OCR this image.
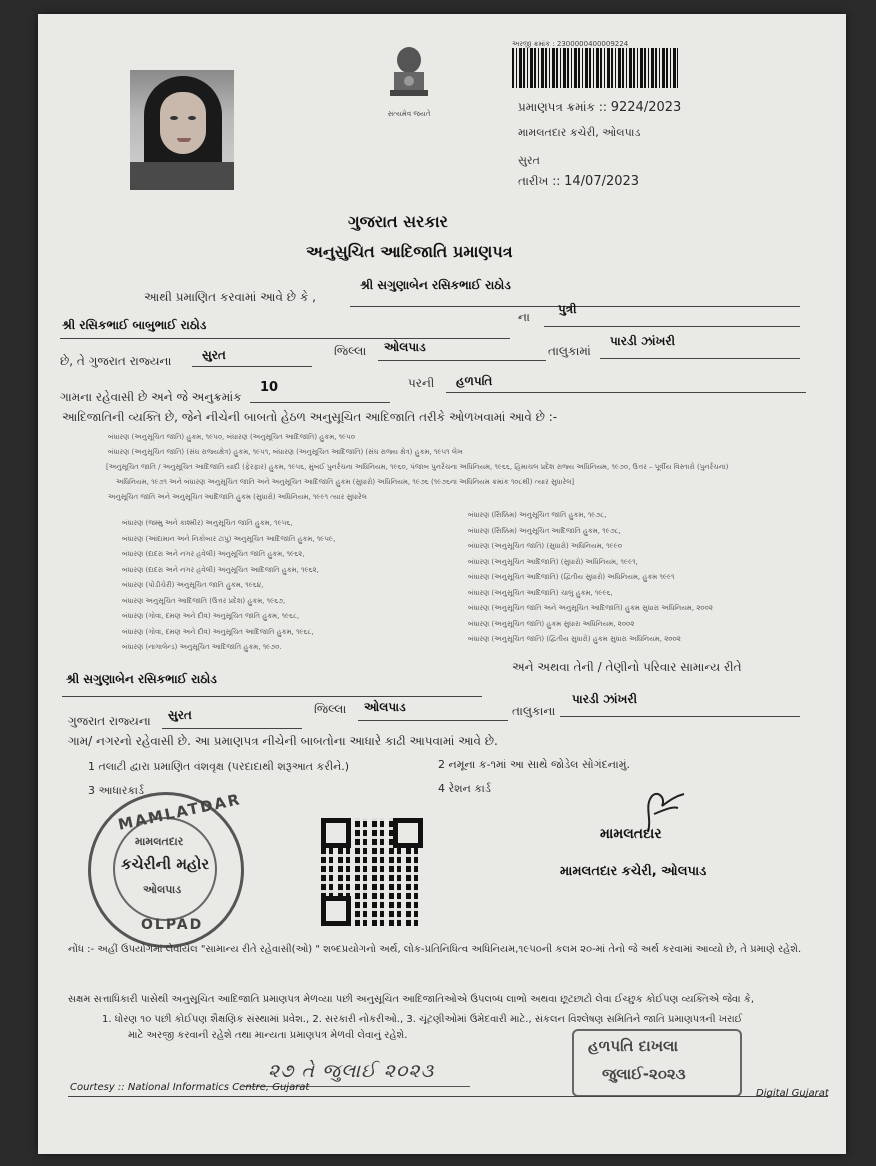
સત્યમેવ જયતે
અરજી ક્રમાંક : 2300000400009224
પ્રમાણપત્ર ક્રમાંક :: 9224/2023
મામલતદાર કચેરી, ઓલપાડ
સુરત
તારીખ :: 14/07/2023
ગુજરાત સરકાર
અનુસુચિત આદિજાતિ પ્રમાણપત્ર
આથી પ્રમાણિત કરવામાં આવે છે કે ,
શ્રી સગુણાબેન રસિકભાઈ રાઠોડ
શ્રી રસિકભાઈ બાબુભાઈ રાઠોડ
ના
પુત્રી
છે, તે ગુજરાત રાજ્યના	સુરત	જિલ્લા ઓલપાડ	તાલુકામાં
પારડી ઝાંખરી
ગામના રહેવાસી છે અને જે અનુક્રમાંક
10	પરની હળપતિ
આદિજાતિની વ્યક્તિ છે, જેને નીચેની બાબતો હેઠળ અનુસૂચિત આદિજાતિ તરીકે ઓળખવામાં આવે છે :-
બંધારણ (અનુસૂચિત જાતિ) હુકમ, ૧૯૫૦, બંધારણ (અનુસૂચિત આદિજાતિ) હુકમ, ૧૯૫૦
બંધારણ (અનુસૂચિત જાતિ) (સંઘ રાજ્યક્ષેત્ર) હુકમ, ૧૯૫૧, બંધારણ (અનુસૂચિત આદિજાતિ) (સંઘ રાજ્ય ક્ષેત્ર) હુકમ, ૧૯૫૧ લેખ
[અનુસૂચિત જાતિ / અનુસૂચિત આદિજાતિ યાદી (ફેરફાર) હુકમ, ૧૯૫૬, મુંબઈ પુનર્રચના અધિનિયમ, ૧૯૬૦, પંજાબ પુનર્રચના અધિનિયમ, ૧૯૬૬, હિમાચલ પ્રદેશ રાજ્ય અધિનિયમ, ૧૯૭૦, ઉત્તર – પૂર્વીય વિસ્તારો (પુનર્રચના)
અધિનિયમ, ૧૯૭૧ અને બંધારણ અનુસૂચિત જાતિ અને અનુસૂચિત આદિજાતિ હુકમ (સુધારો) અધિનિયમ, ૧૯૭૬ (૧૯૭૬ના અધિનિયમ ક્રમાંક ૧૦૮થી) ત્યાર સુધારેલ]
અનુસૂચિત જાતિ અને અનુસૂચિત આદિજાતિ હુકમ (સુધારો) અધિનિયમ, ૧૯૯૧ ત્યાર સુધારેલ
બંધારણ (જમ્મુ અને કાશ્મીર) અનુસૂચિત જાતિ હુકમ, ૧૯૫૬,
બંધારણ (આંદામાન અને નિકોબાર ટાપુ) અનુસૂચિત આદિજાતિ હુકમ, ૧૯૫૯,
બંધારણ (દાદરા અને નગર હવેલી) અનુસૂચિત જાતિ હુકમ, ૧૯૬૨,
બંધારણ (દાદરા અને નગર હવેલી) અનુસૂચિત આદિજાતિ હુકમ, ૧૯૬૨,
બંધારણ (પોંડીચેરી) અનુસૂચિત જાતિ હુકમ, ૧૯૬૪,
બંધારણ અનુસૂચિત આદિજાતિ (ઉત્તર પ્રદેશ) હુકમ, ૧૯૬૭,
બંધારણ (ગોવા, દમણ અને દીવ) અનુસૂચિત જાતિ હુકમ, ૧૯૬૮,
બંધારણ (ગોવા, દમણ અને દીવ) અનુસૂચિત આદિજાતિ હુકમ, ૧૯૬૮,
બંધારણ (નાગાલેન્ડ) અનુસૂચિત આદિજાતિ હુકમ, ૧૯૭૦.
બંધારણ (સિક્કિમ) અનુસૂચિત જાતિ હુકમ, ૧૯૭૮,
બંધારણ (સિક્કિમ) અનુસૂચિત આદિજાતિ હુકમ, ૧૯૭૮,
બંધારણ (અનુસૂચિત જાતિ) (સુધારો) અધિનિયમ, ૧૯૯૦
બંધારણ (અનુસૂચિત આદિજાતિ) (સુધારો) અધિનિયમ, ૧૯૯૧,
બંધારણ (અનુસૂચિત આદિજાતિ) (દ્વિતીય સુધારો) અધિનિયમ, હુકમ ૧૯૯૧
બંધારણ (અનુસૂચિત આદિજાતિ) ચાલુ હુકમ, ૧૯૯૬,
બંધારણ (અનુસૂચિત જાતિ અને અનુસૂચિત આદિજાતિ) હુકમ સુધારા અધિનિયમ, ૨૦૦૨
બંધારણ (અનુસૂચિત જાતિ) હુકમ સુધારા અધિનિયમ, ૨૦૦૨
બંધારણ (અનુસૂચિત જાતિ) (દ્વિતીય સુધારો) હુકમ સુધારા અધિનિયમ, ૨૦૦૨
શ્રી સગુણાબેન રસિકભાઈ રાઠોડ
અને અથવા તેની / તેણીનો પરિવાર સામાન્ય રીતે
ગુજરાત રાજ્યના સુરત	જિલ્લા ઓલપાડ	તાલુકાના
પારડી ઝાંખરી
ગામ/ નગરનો રહેવાસી છે. આ પ્રમાણપત્ર નીચેની બાબતોના આધારે કાઢી આપવામાં આવે છે.
1 તલાટી દ્વારા પ્રમાણિત વંશવૃક્ષ (પરદાદાથી શરૂઆત કરીને.)	2 નમૂના ક-૧માં આ સાથે જોડેલ સોગંદનામું.
3 આધારકાર્ડ	4 રેશન કાર્ડ
MAMLATDAR
મામલતદાર
કચેરીની મહોર
ઓલપાડ
OLPAD
મામલતદાર
મામલતદાર કચેરી, ઓલપાડ
નોંધ :- અહીં ઉપયોગમાં લેવાયેલ "સામાન્ય રીતે રહેવાસી(ઓ) " શબ્દપ્રયોગનો અર્થ, લોક-પ્રતિનિધિત્વ અધિનિયમ,૧૯૫૦ની કલમ ૨૦-માં તેનો જે અર્થ કરવામાં આવ્યો છે, તે પ્રમાણે રહેશે.
સક્ષમ સત્તાધિકારી પાસેથી અનુસૂચિત આદિજાતિ પ્રમાણપત્ર મેળવ્યા પછી અનુસૂચિત આદિજાતિઓએ ઉપલબ્ધ લાભો અથવા છૂટછાટો લેવા ઈચ્છુક કોઈપણ વ્યક્તિએ જેવા કે,
1. ધોરણ ૧૦ પછી કોઈપણ શૈક્ષણિક સંસ્થામાં પ્રવેશ., 2. સરકારી નોકરીઓ., 3. ચૂંટણીઓમાં ઉમેદવારી માટે., સંકલન વિશ્લેષણ સમિતિને જાતિ પ્રમાણપત્રની ખરાઈ
માટે અરજી કરવાની રહેશે તથા માન્યતા પ્રમાણપત્ર મેળવી લેવાનું રહેશે.
૨૭ તે જુલાઈ ૨૦૨૩
હળપતિ દાખલા
જુલાઈ-૨૦૨૩
Courtesy :: National Informatics Centre, Gujarat
Digital Gujarat
